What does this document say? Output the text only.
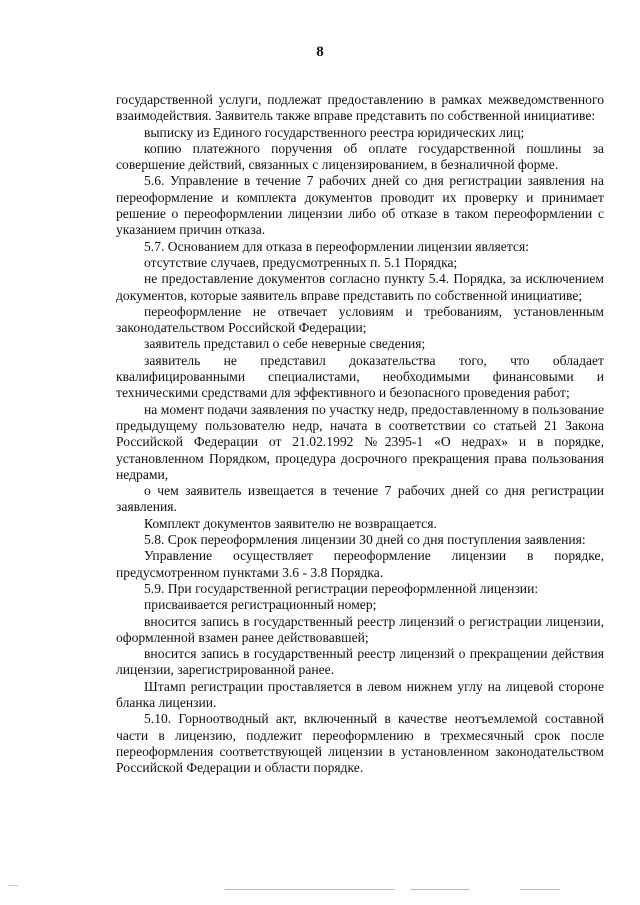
8

государственной услуги, подлежат предоставлению в рамках межведомственного взаимодействия. Заявитель также вправе представить по собственной инициативе:

выписку из Единого государственного реестра юридических лиц;

копию платежного поручения об оплате государственной пошлины за совершение действий, связанных с лицензированием, в безналичной форме.

5.6. Управление в течение 7 рабочих дней со дня регистрации заявления на переоформление и комплекта документов проводит их проверку и принимает решение о переоформлении лицензии либо об отказе в таком переоформлении с указанием причин отказа.

5.7. Основанием для отказа в переоформлении лицензии является:

отсутствие случаев, предусмотренных п. 5.1 Порядка;

не предоставление документов согласно пункту 5.4. Порядка, за исключением документов, которые заявитель вправе представить по собственной инициативе;

переоформление не отвечает условиям и требованиям, установленным законодательством Российской Федерации;

заявитель представил о себе неверные сведения;

заявитель не представил доказательства того, что обладает квалифицированными специалистами, необходимыми финансовыми и техническими средствами для эффективного и безопасного проведения работ;

на момент подачи заявления по участку недр, предоставленному в пользование предыдущему пользователю недр, начата в соответствии со статьей 21 Закона Российской Федерации от 21.02.1992 №2395-1 «О недрах» и в порядке, установленном Порядком, процедура досрочного прекращения права пользования недрами,

о чем заявитель извещается в течение 7 рабочих дней со дня регистрации заявления.

Комплект документов заявителю не возвращается.

5.8. Срок переоформления лицензии 30 дней со дня поступления заявления:

Управление осуществляет переоформление лицензии в порядке, предусмотренном пунктами 3.6 - 3.8 Порядка.

5.9. При государственной регистрации переоформленной лицензии:

присваивается регистрационный номер;

вносится запись в государственный реестр лицензий о регистрации лицензии, оформленной взамен ранее действовавшей;

вносится запись в государственный реестр лицензий о прекращении действия лицензии, зарегистрированной ранее.

Штамп регистрации проставляется в левом нижнем углу на лицевой стороне бланка лицензии.

5.10. Горноотводный акт, включенный в качестве неотъемлемой составной части в лицензию, подлежит переоформлению в трехмесячный срок после переоформления соответствующей лицензии в установленном законодательством Российской Федерации и области порядке.
